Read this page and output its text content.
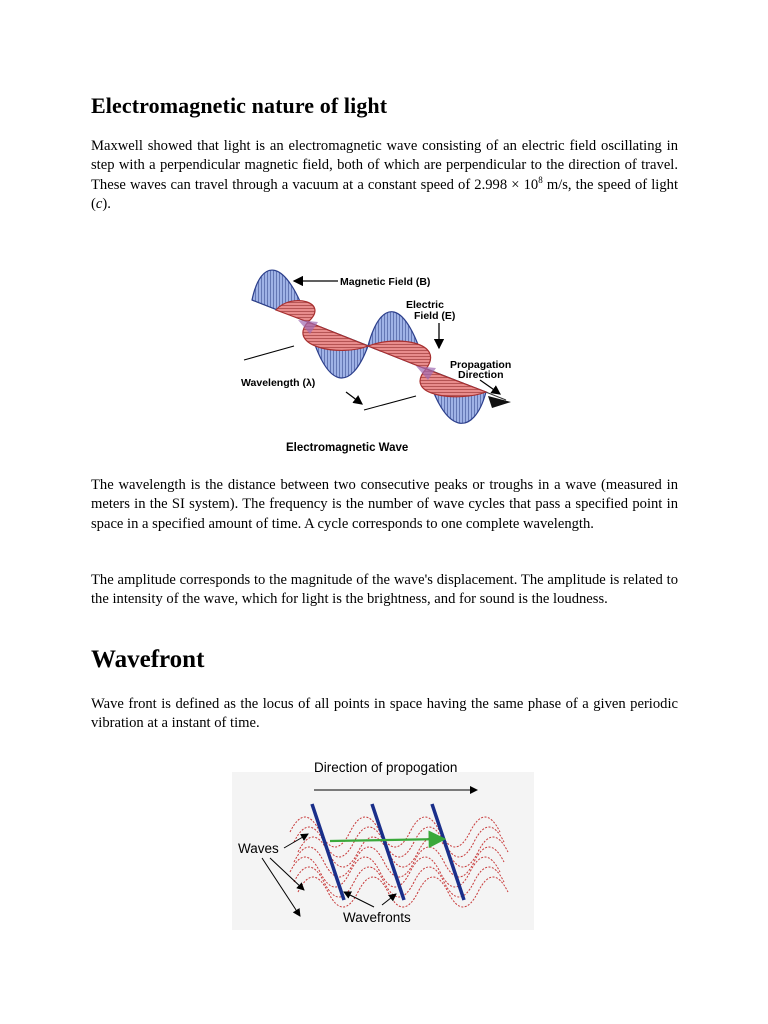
Electromagnetic nature of light

Maxwell showed that light is an electromagnetic wave consisting of an electric field oscillating in step with a perpendicular magnetic field, both of which are perpendicular to the direction of travel. These waves can travel through a vacuum at a constant speed of $2.998 \times 10^8$ m/s, the speed of light (c).

Magnetic Field (B)
Electric
Field (E)
Propagation
Direction
Wavelength (λ)
Electromagnetic Wave

The wavelength is the distance between two consecutive peaks or troughs in a wave (measured in meters in the SI system). The frequency is the number of wave cycles that pass a specified point in space in a specified amount of time. A cycle corresponds to one complete wavelength.

The amplitude corresponds to the magnitude of the wave's displacement. The amplitude is related to the intensity of the wave, which for light is the brightness, and for sound is the loudness.

Wavefront

Wave front is defined as the locus of all points in space having the same phase of a given periodic vibration at a instant of time.

Direction of propogation
Waves
Wavefronts
